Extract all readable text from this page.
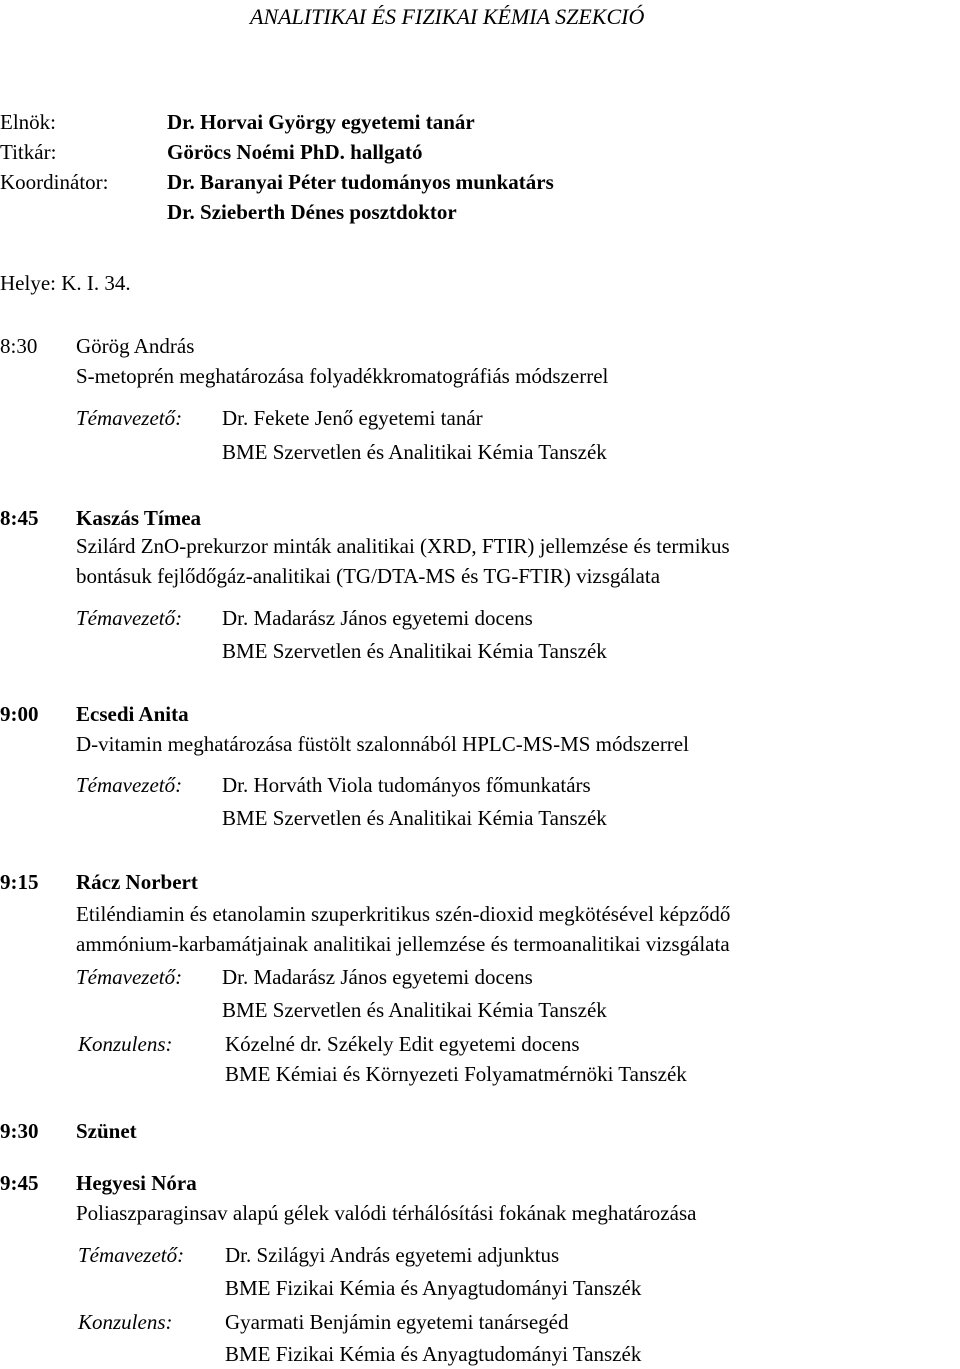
ANALITIKAI ÉS FIZIKAI KÉMIA SZEKCIÓ
Elnök:	Dr. Horvai György egyetemi tanár
Titkár:	Göröcs Noémi PhD. hallgató
Koordinátor:	Dr. Baranyai Péter tudományos munkatárs
Dr. Szieberth Dénes posztdoktor
Helye: K. I. 34.
8:30 Görög András
S-metoprén meghatározása folyadékkromatográfiás módszerrel
Témavezető: Dr. Fekete Jenő egyetemi tanár
BME Szervetlen és Analitikai Kémia Tanszék
8:45 Kaszás Tímea
Szilárd ZnO-prekurzor minták analitikai (XRD, FTIR) jellemzése és termikus
bontásuk fejlődőgáz-analitikai (TG/DTA-MS és TG-FTIR) vizsgálata
Témavezető: Dr. Madarász János egyetemi docens
BME Szervetlen és Analitikai Kémia Tanszék
9:00 Ecsedi Anita
D-vitamin meghatározása füstölt szalonnából HPLC-MS-MS módszerrel
Témavezető: Dr. Horváth Viola tudományos főmunkatárs
BME Szervetlen és Analitikai Kémia Tanszék
9:15 Rácz Norbert
Etiléndiamin és etanolamin szuperkritikus szén-dioxid megkötésével képződő
ammónium-karbamátjainak analitikai jellemzése és termoanalitikai vizsgálata
Témavezető: Dr. Madarász János egyetemi docens
BME Szervetlen és Analitikai Kémia Tanszék
Konzulens:	Kózelné dr. Székely Edit egyetemi docens
BME Kémiai és Környezeti Folyamatmérnöki Tanszék
9:30 Szünet
9:45 Hegyesi Nóra
Poliaszparaginsav alapú gélek valódi térhálósítási fokának meghatározása
Témavezető: Dr. Szilágyi András egyetemi adjunktus
BME Fizikai Kémia és Anyagtudományi Tanszék
Konzulens:	Gyarmati Benjámin egyetemi tanársegéd
BME Fizikai Kémia és Anyagtudományi Tanszék
